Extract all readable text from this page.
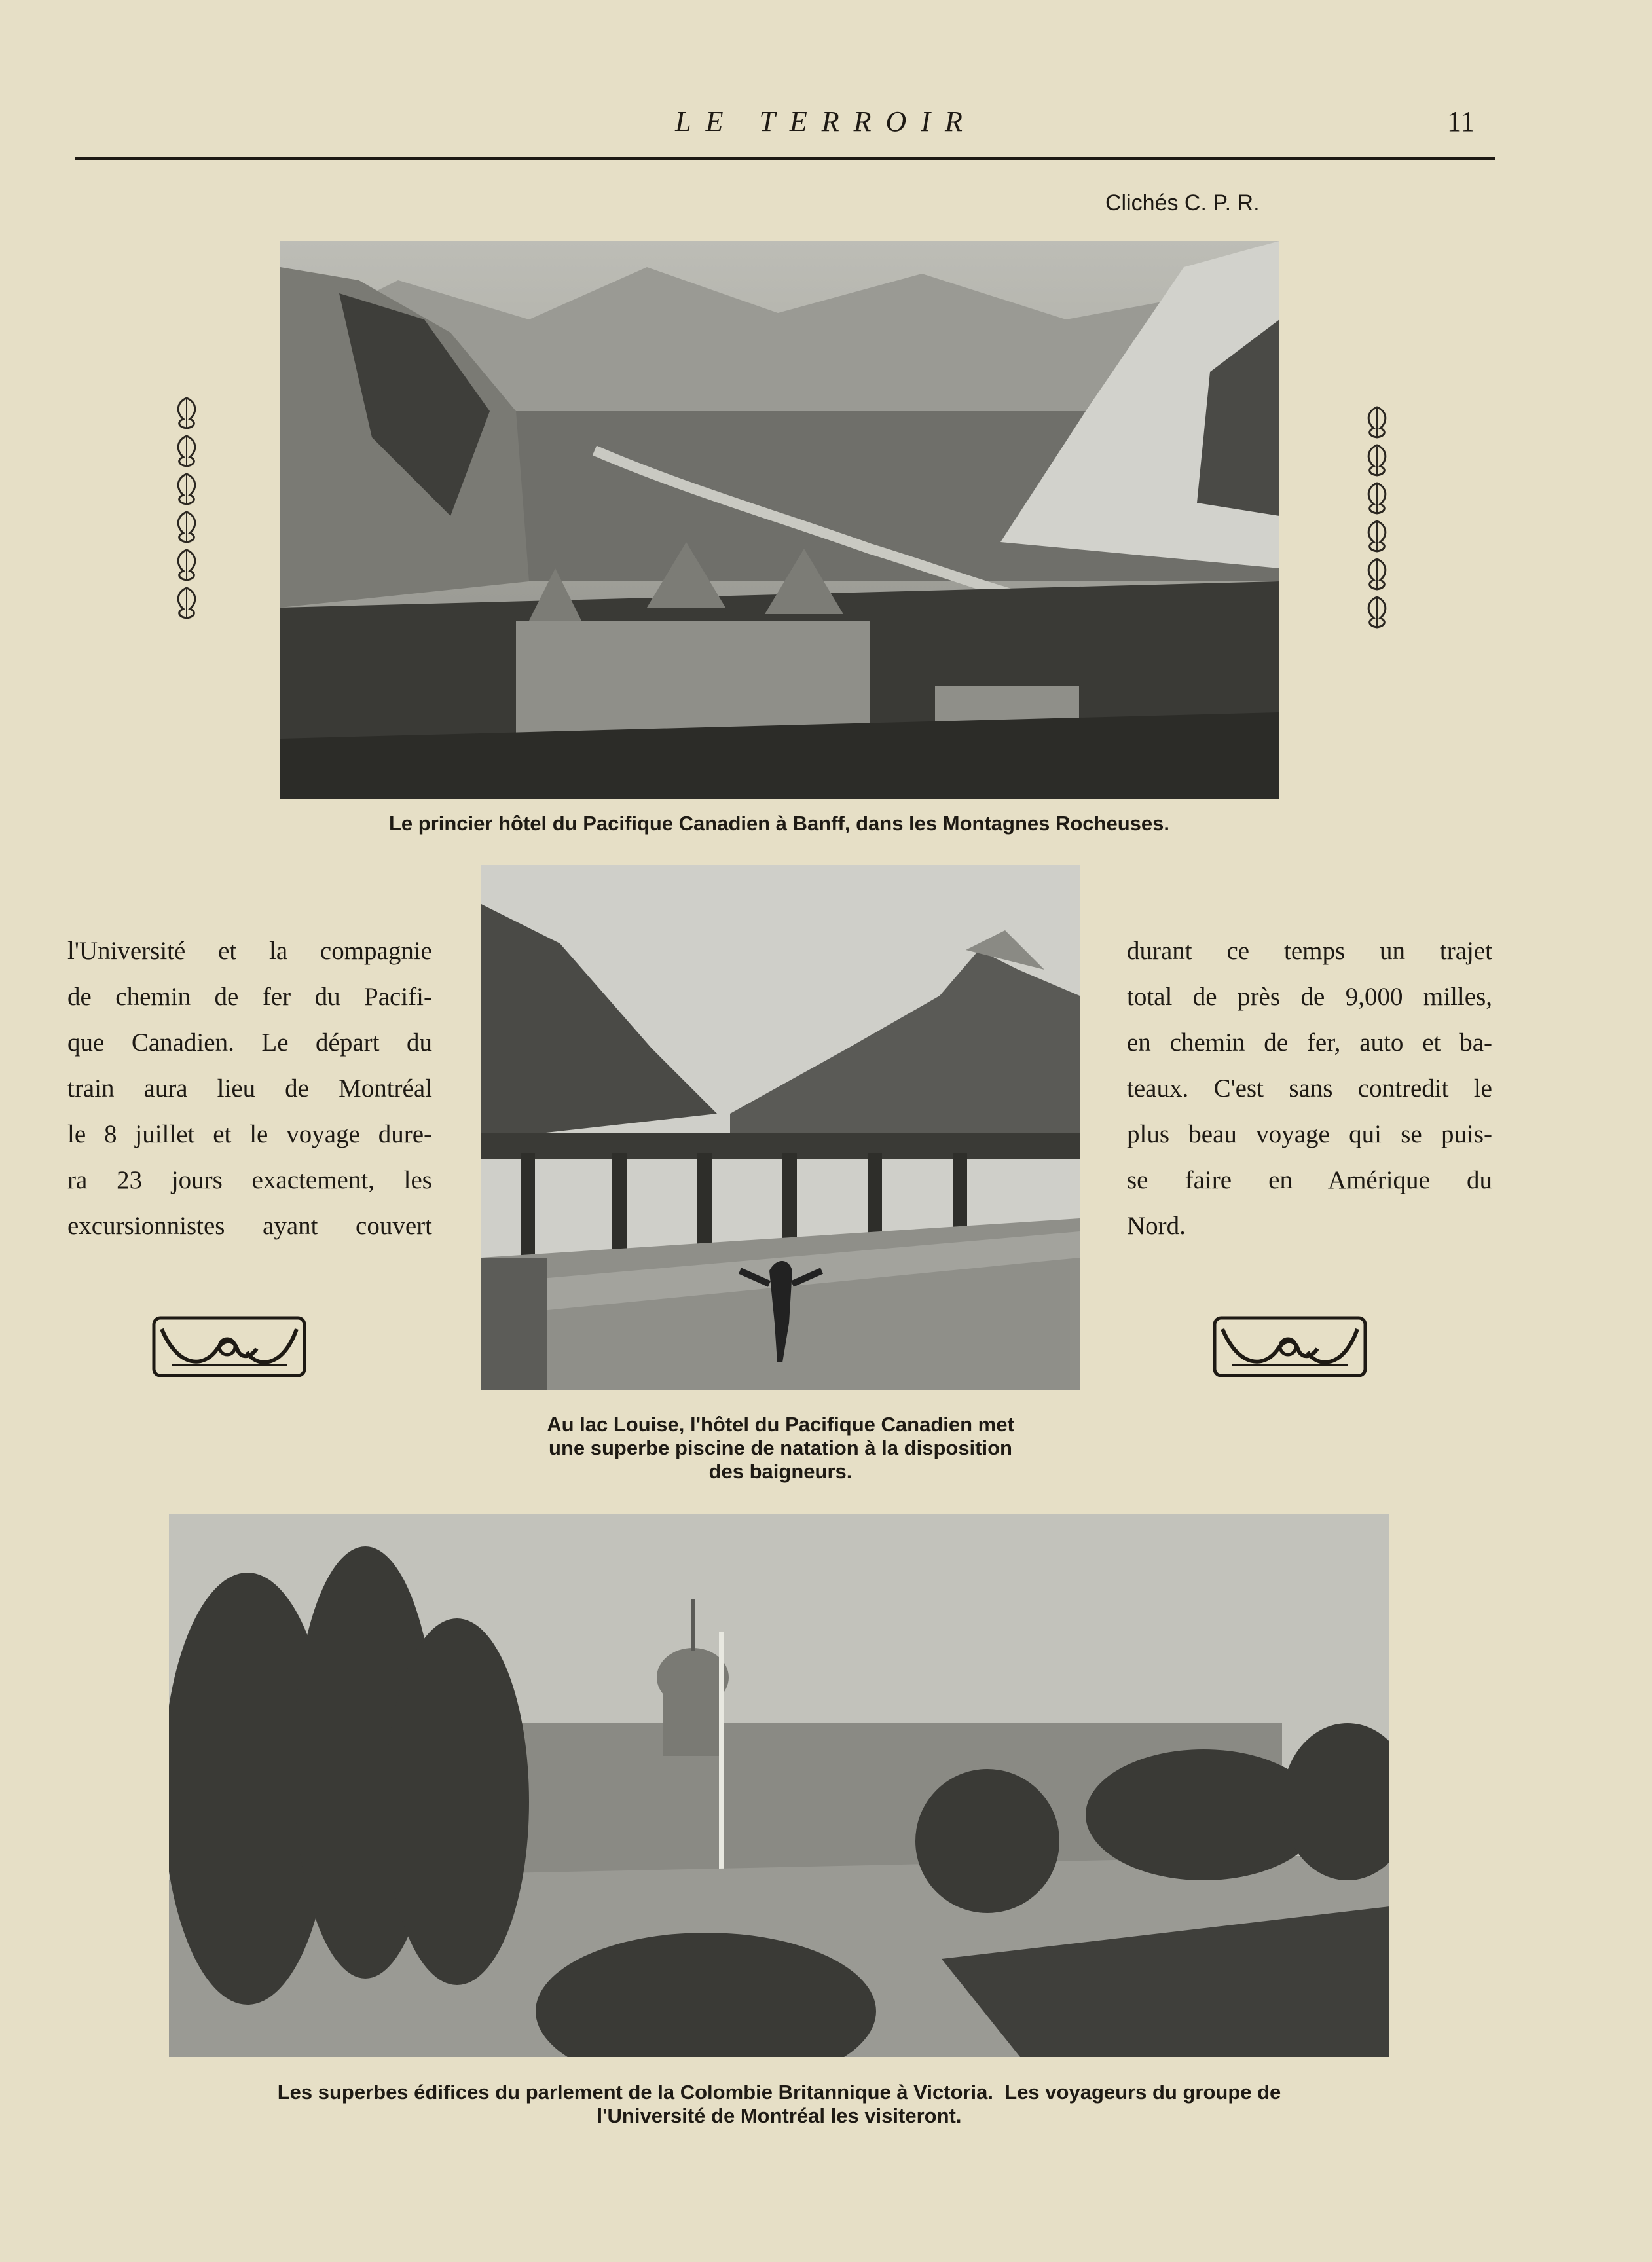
LE TERROIR	11
Clichés C. P. R.
Le princier hôtel du Pacifique Canadien à Banff, dans les Montagnes Rocheuses.
l'Université et la compagnie
de chemin de fer du Pacifi-
que Canadien. Le départ du
train aura lieu de Montréal
le 8 juillet et le voyage dure-
ra 23 jours exactement, les
excursionnistes ayant couvert
durant ce temps un trajet
total de près de 9,000 milles,
en chemin de fer, auto et ba-
teaux. C'est sans contredit le
plus beau voyage qui se puis-
se faire en Amérique du
Nord.
Au lac Louise, l'hôtel du Pacifique Canadien met
une superbe piscine de natation à la disposition
des baigneurs.
Les superbes édifices du parlement de la Colombie Britannique à Victoria.  Les voyageurs du groupe de
l'Université de Montréal les visiteront.
